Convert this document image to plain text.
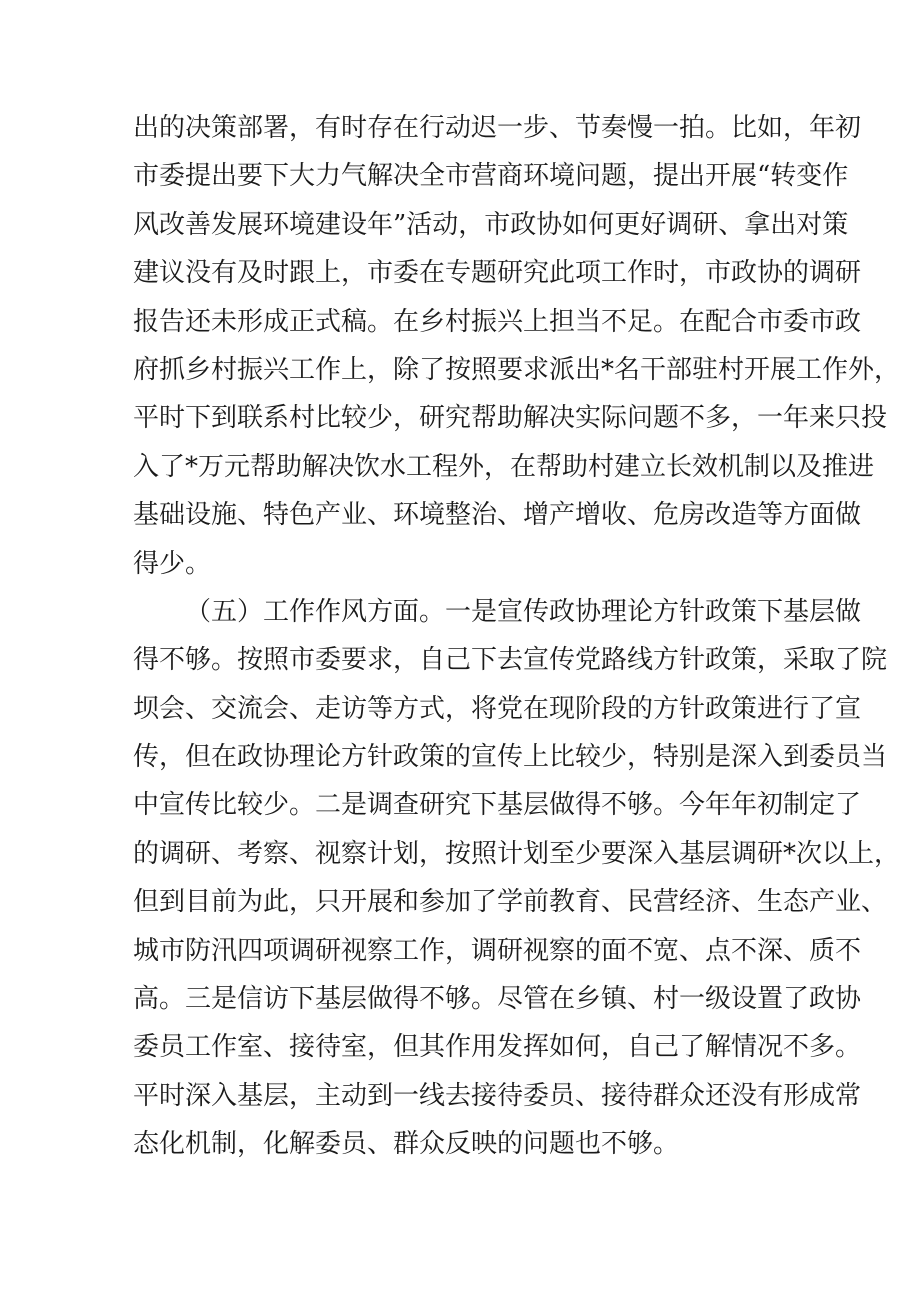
出的决策部署，有时存在行动迟一步、节奏慢一拍。比如，年初
市委提出要下大力气解决全市营商环境问题，提出开展“转变作
风改善发展环境建设年”活动，市政协如何更好调研、拿出对策
建议没有及时跟上，市委在专题研究此项工作时，市政协的调研
报告还未形成正式稿。在乡村振兴上担当不足。在配合市委市政
府抓乡村振兴工作上，除了按照要求派出*名干部驻村开展工作外，
平时下到联系村比较少，研究帮助解决实际问题不多，一年来只投
入了*万元帮助解决饮水工程外，在帮助村建立长效机制以及推进
基础设施、特色产业、环境整治、增产增收、危房改造等方面做
得少。
（五）工作作风方面。一是宣传政协理论方针政策下基层做
得不够。按照市委要求，自己下去宣传党路线方针政策，采取了院
坝会、交流会、走访等方式，将党在现阶段的方针政策进行了宣
传，但在政协理论方针政策的宣传上比较少，特别是深入到委员当
中宣传比较少。二是调查研究下基层做得不够。今年年初制定了
的调研、考察、视察计划，按照计划至少要深入基层调研*次以上，
但到目前为此，只开展和参加了学前教育、民营经济、生态产业、
城市防汛四项调研视察工作，调研视察的面不宽、点不深、质不
高。三是信访下基层做得不够。尽管在乡镇、村一级设置了政协
委员工作室、接待室，但其作用发挥如何，自己了解情况不多。
平时深入基层，主动到一线去接待委员、接待群众还没有形成常
态化机制，化解委员、群众反映的问题也不够。
